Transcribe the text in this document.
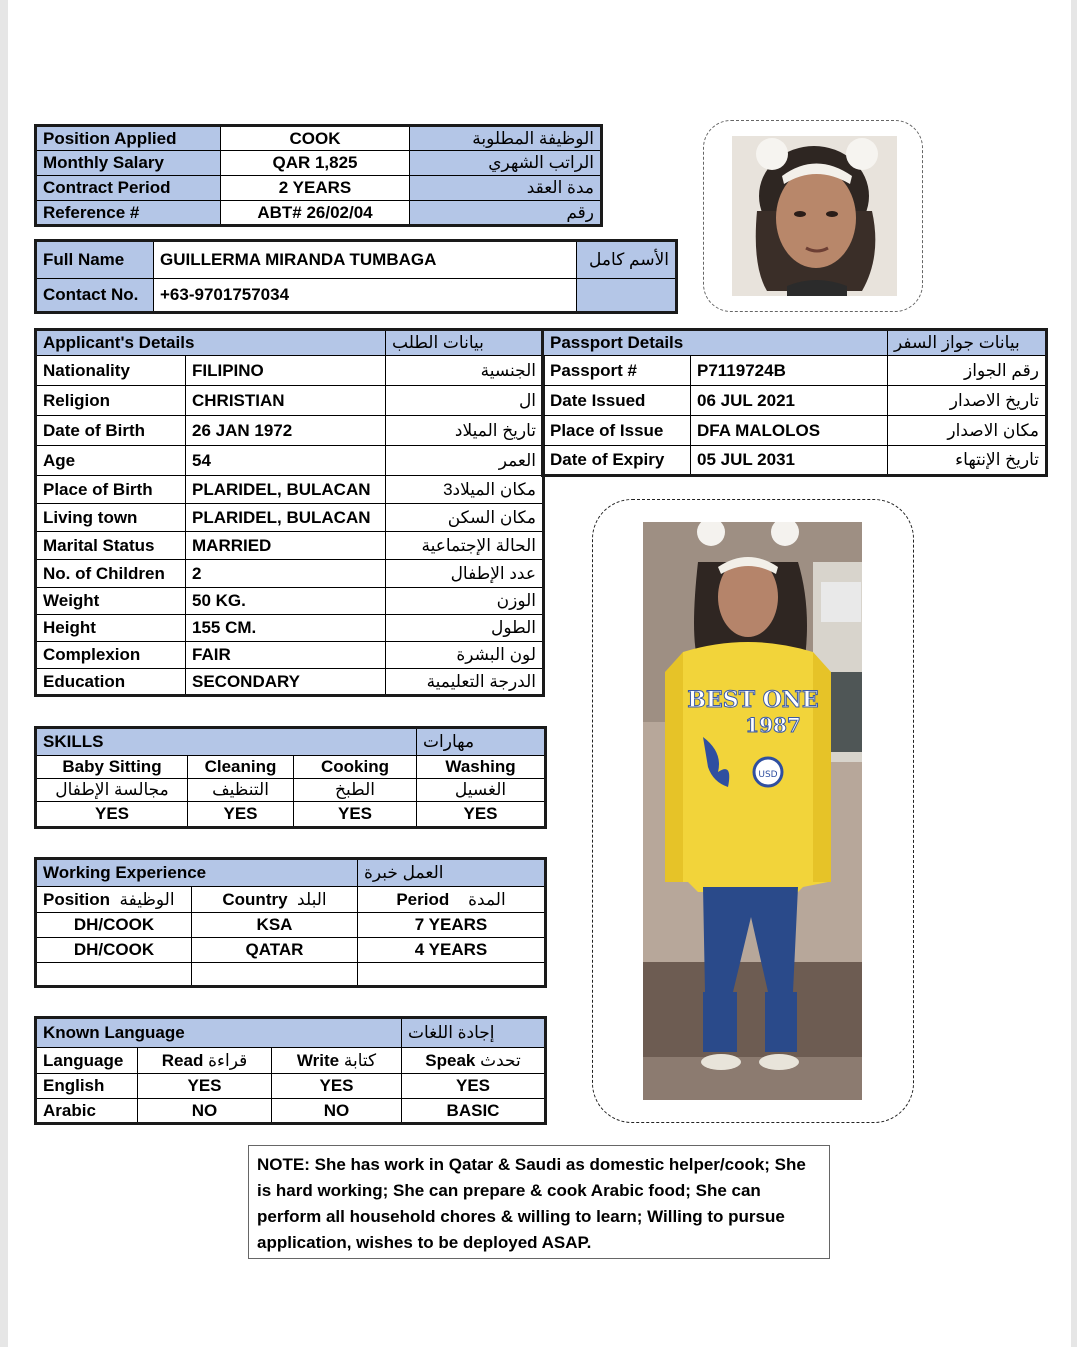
Position Applied	COOK	الوظيفة المطلوبة
Monthly Salary	QAR 1,825	الراتب الشهري
Contract Period	2 YEARS	مدة العقد
Reference #	ABT# 26/02/04	رقم
Full Name	GUILLERMA MIRANDA TUMBAGA	الأسم كامل
Contact No.	+63-9701757034	
Applicant's Details		بيانات الطلب
Nationality	FILIPINO	الجنسية
Religion	CHRISTIAN	ال
Date of Birth	26 JAN 1972	تاريخ الميلاد
Age	54	العمر
Place of Birth	PLARIDEL, BULACAN	مكان الميلاد3
Living town	PLARIDEL, BULACAN	مكان السكن
Marital Status	MARRIED	الحالة الإجتماعية
No. of Children	2	عدد الإطفال
Weight	50 KG.	الوزن
Height	155 CM.	الطول
Complexion	FAIR	لون البشرة
Education	SECONDARY	الدرجة التعليمية
Passport Details		بيانات جواز السفر
Passport #	P7119724B	رقم الجواز
Date Issued	06 JUL 2021	تاريخ الاصدار
Place of Issue	DFA MALOLOS	مكان الاصدار
Date of Expiry	05 JUL 2031	تاريخ الإنتهاء
SKILLS			مهارات
Baby Sitting	Cleaning	Cooking	Washing
مجالسة الإطفال	التنظيف	الطبخ	الغسيل
YES	YES	YES	YES
Working Experience		العمل خبرة
Position الوظيفة	Country البلد	Period المدة
DH/COOK	KSA	7 YEARS
DH/COOK	QATAR	4 YEARS

Known Language			إجادة اللغات
Language	Read قراءة	Write كتابة	Speak تحدث
English	YES	YES	YES
Arabic	NO	NO	BASIC
BEST ONE
1987
USD
NOTE: She has work in Qatar & Saudi as domestic helper/cook; She is hard working; She can prepare & cook Arabic food; She can perform all household chores & willing to learn; Willing to pursue application, wishes to be deployed ASAP.
